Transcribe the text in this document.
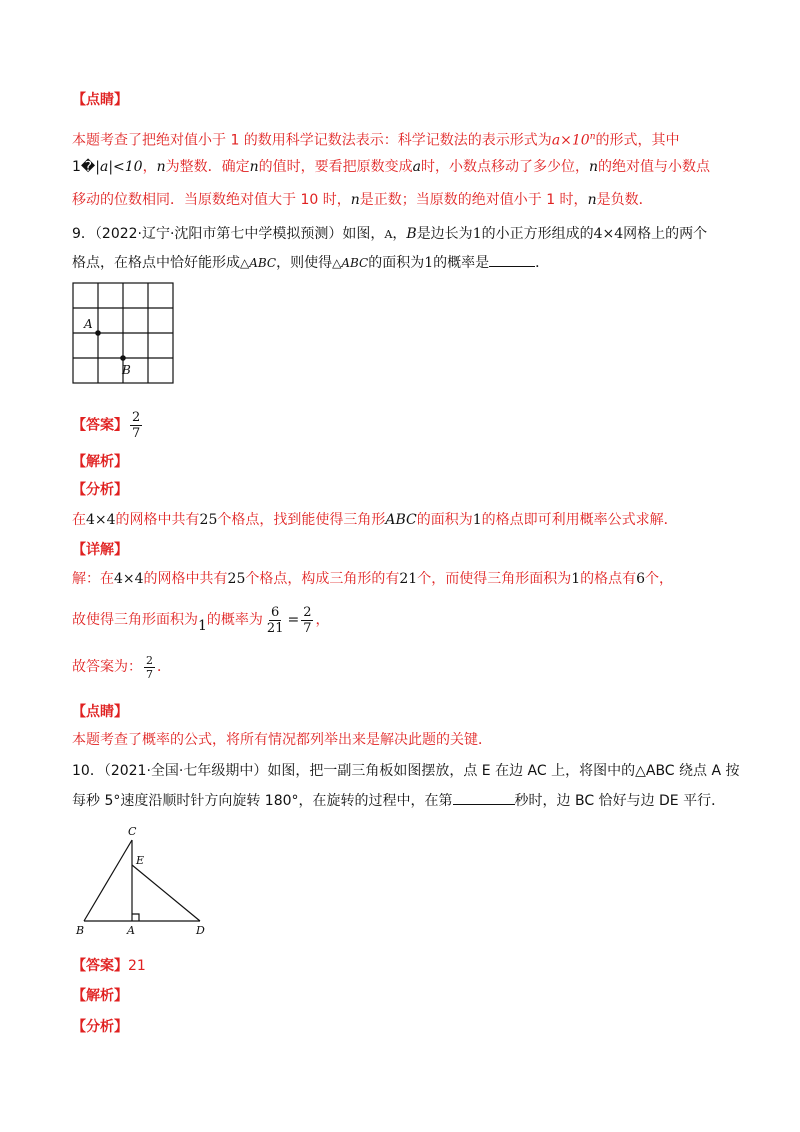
【点睛】
本题考查了把绝对值小于 1 的数用科学记数法表示：科学记数法的表示形式为$a\times 10^n$的形式，其中
1�|a|<10，n为整数．确定n的值时，要看把原数变成a时，小数点移动了多少位，n的绝对值与小数点
移动的位数相同．当原数绝对值大于 10 时，n是正数；当原数的绝对值小于 1 时，n是负数．
9．（2022·辽宁·沈阳市第七中学模拟预测）如图，A，B是边长为1的小正方形组成的4×4网格上的两个
格点，在格点中恰好能形成△ABC，则使得△ABC的面积为1的概率是	．
A
B
【答案】 $\frac{2}{7}$
【解析】
【分析】
在4×4的网格中共有25个格点，找到能使得三角形ABC的面积为1的格点即可利用概率公式求解．
【详解】
解：在4×4的网格中共有25个格点，构成三角形的有21个，而使得三角形面积为1的格点有6个，
故使得三角形面积为1的概率为 $\frac{6}{21} = \frac{2}{7}$ ，
故答案为： $\frac{2}{7}$ ．
【点睛】
本题考查了概率的公式，将所有情况都列举出来是解决此题的关键．
10．（2021·全国·七年级期中）如图，把一副三角板如图摆放，点 E 在边 AC 上，将图中的△ABC 绕点 A 按
每秒 5°速度沿顺时针方向旋转 180°，在旋转的过程中，在第	秒时，边 BC 恰好与边 DE 平行．
C
E
B	A	D
【答案】21
【解析】
【分析】
